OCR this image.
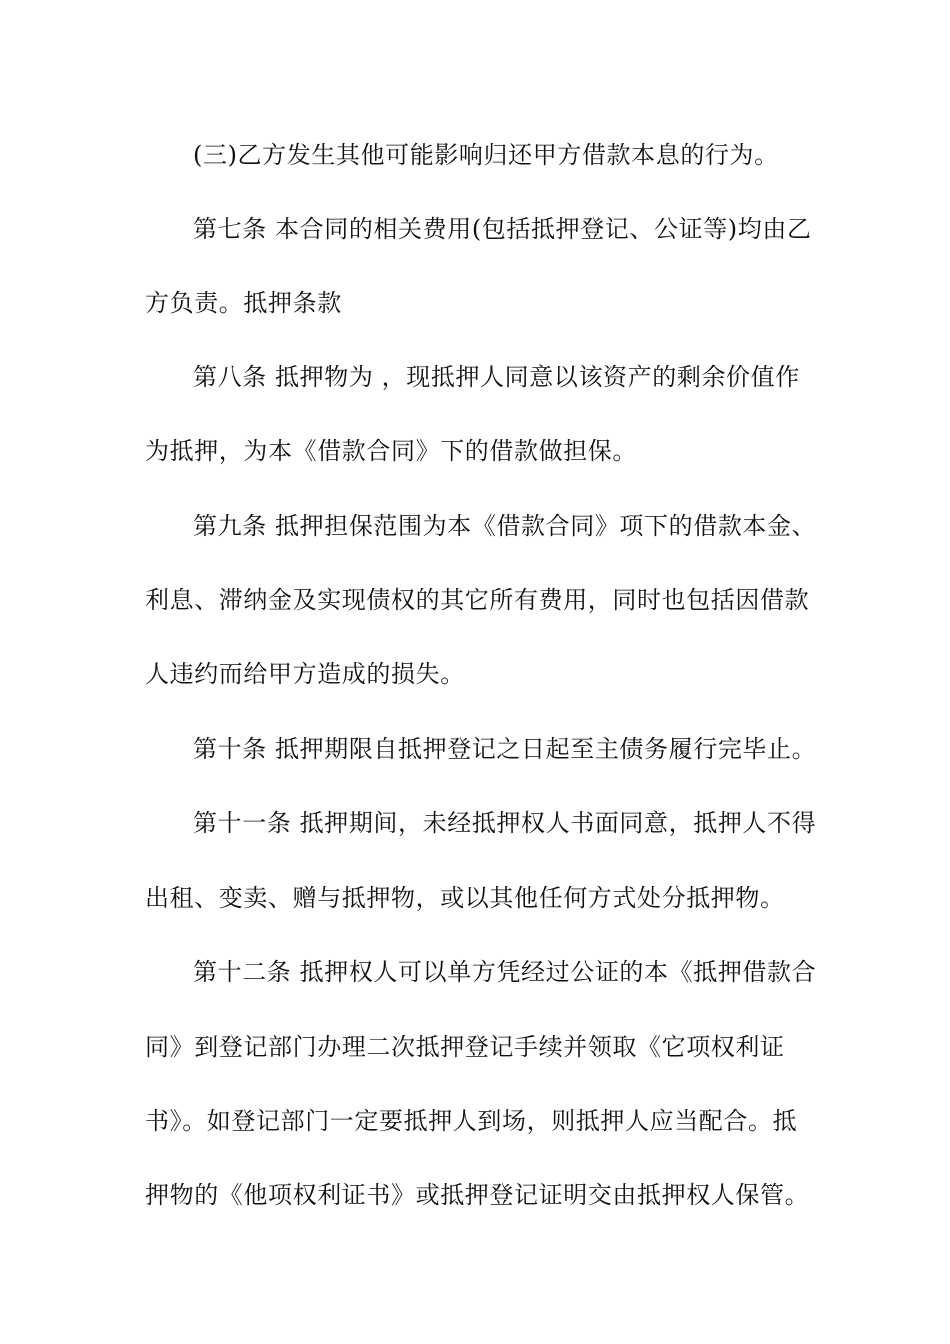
(三)乙方发生其他可能影响归还甲方借款本息的行为。
第七条 本合同的相关费用(包括抵押登记、公证等)均由乙
方负责。抵押条款
第八条 抵押物为 ，现抵押人同意以该资产的剩余价值作
为抵押，为本《借款合同》下的借款做担保。
第九条 抵押担保范围为本《借款合同》项下的借款本金、
利息、滞纳金及实现债权的其它所有费用，同时也包括因借款
人违约而给甲方造成的损失。
第十条 抵押期限自抵押登记之日起至主债务履行完毕止。
第十一条 抵押期间，未经抵押权人书面同意，抵押人不得
出租、变卖、赠与抵押物，或以其他任何方式处分抵押物。
第十二条 抵押权人可以单方凭经过公证的本《抵押借款合
同》到登记部门办理二次抵押登记手续并领取《它项权利证
书》。如登记部门一定要抵押人到场，则抵押人应当配合。抵
押物的《他项权利证书》或抵押登记证明交由抵押权人保管。
